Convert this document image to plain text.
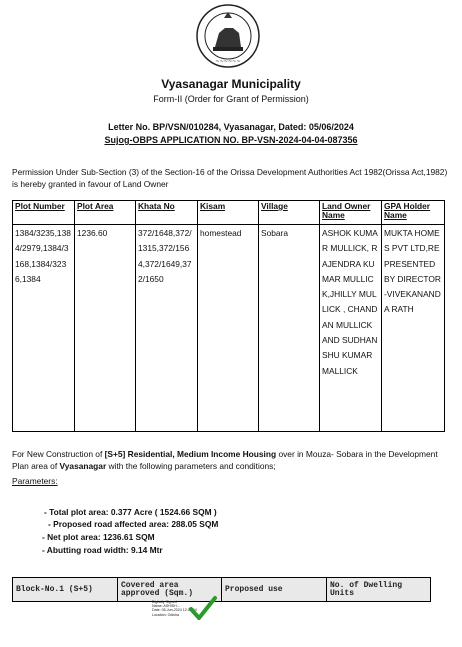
~~~~~~
Vyasanagar Municipality
Form-II (Order for Grant of Permission)
Letter No. BP/VSN/010284, Vyasanagar, Dated: 05/06/2024
Sujog-OBPS APPLICATION NO. BP-VSN-2024-04-04-087356
Permission Under Sub-Section (3) of the Section-16 of the Orissa Development Authorities Act 1982(Orissa Act,1982) is hereby granted in favour of Land Owner
Plot Number	Plot Area	Khata No	Kisam	Village	Land Owner Name	GPA Holder Name
1384/3235,1384/2979,1384/3168,1384/3236,1384	1236.60	372/1648,372/1315,372/1564,372/1649,372/1650	homestead	Sobara	ASHOK KUMAR MULLICK, RAJENDRA KUMAR MULLICK,JHILLY MULLICK , CHANDAN MULLICK AND SUDHANSHU KUMAR MALLICK	MUKTA HOMES PVT LTD,REPRESENTED BY DIRECTOR-VIVEKANANDA RATH
For New Construction of [S+5] Residential, Medium Income Housing over in Mouza- Sobara in the Development Plan area of Vyasanagar with the following parameters and conditions;
Parameters:
- Total plot area: 0.377 Acre ( 1524.66 SQM )
- Proposed road affected area: 288.05 SQM
- Net plot area: 1236.61 SQM
- Abutting road width: 9.14 Mtr
Block-No.1 (S+5)	Covered area approved (Sqm.)	Proposed use	No. of Dwelling Units
Digitally Signed
Name: ASHISH...
Date: 05-Jun-2024 12:33:24
Location: Odisha
